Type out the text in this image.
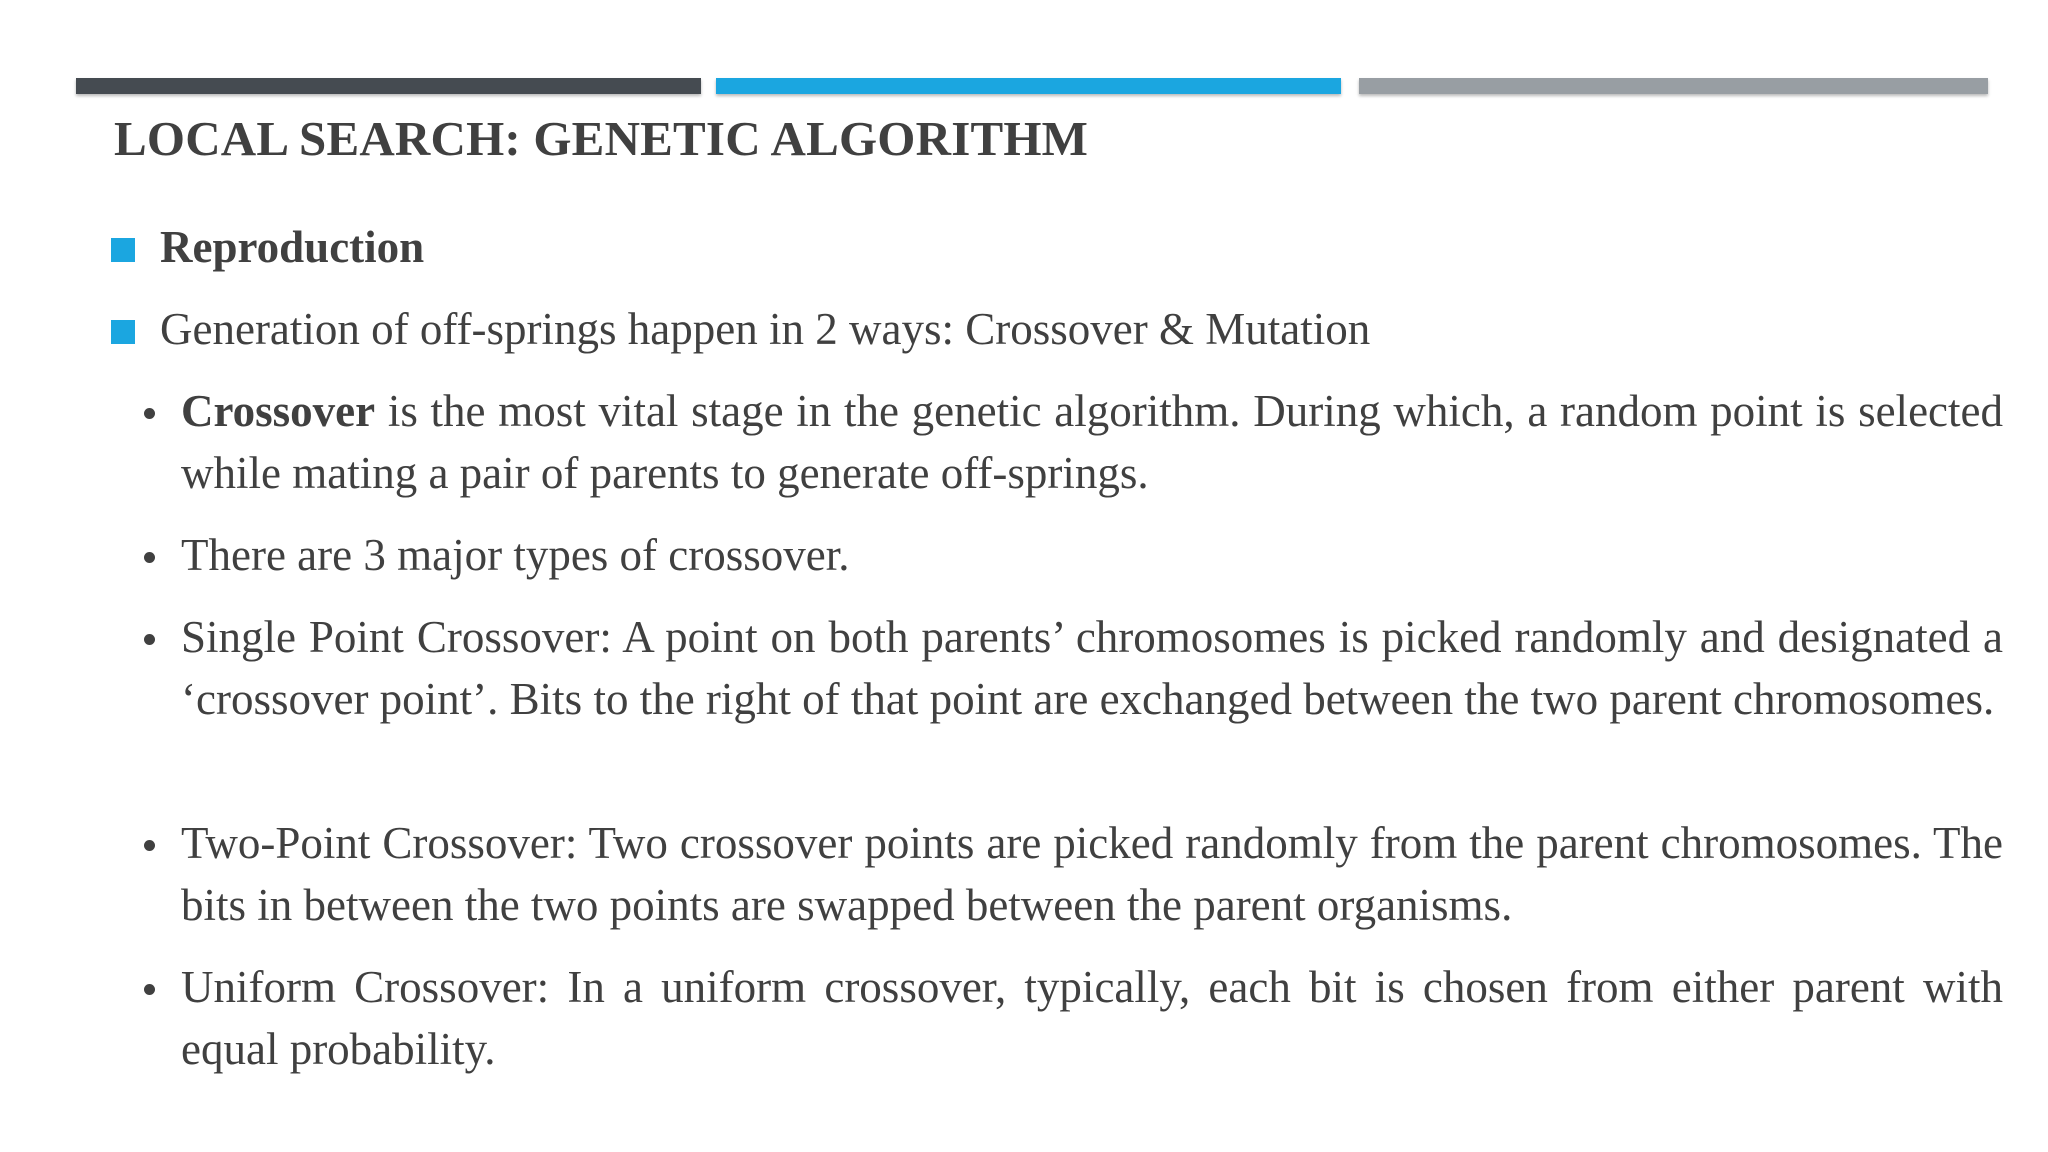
LOCAL SEARCH: GENETIC ALGORITHM
Reproduction
Generation of off-springs happen in 2 ways: Crossover & Mutation
Crossover is the most vital stage in the genetic algorithm. During which, a random point is selected while mating a pair of parents to generate off-springs.
There are 3 major types of crossover.
Single Point Crossover: A point on both parents’ chromosomes is picked randomly and designated a ‘crossover point’. Bits to the right of that point are exchanged between the two parent chromosomes.
Two-Point Crossover: Two crossover points are picked randomly from the parent chromosomes. The bits in between the two points are swapped between the parent organisms.
Uniform Crossover: In a uniform crossover, typically, each bit is chosen from either parent with equal probability.
